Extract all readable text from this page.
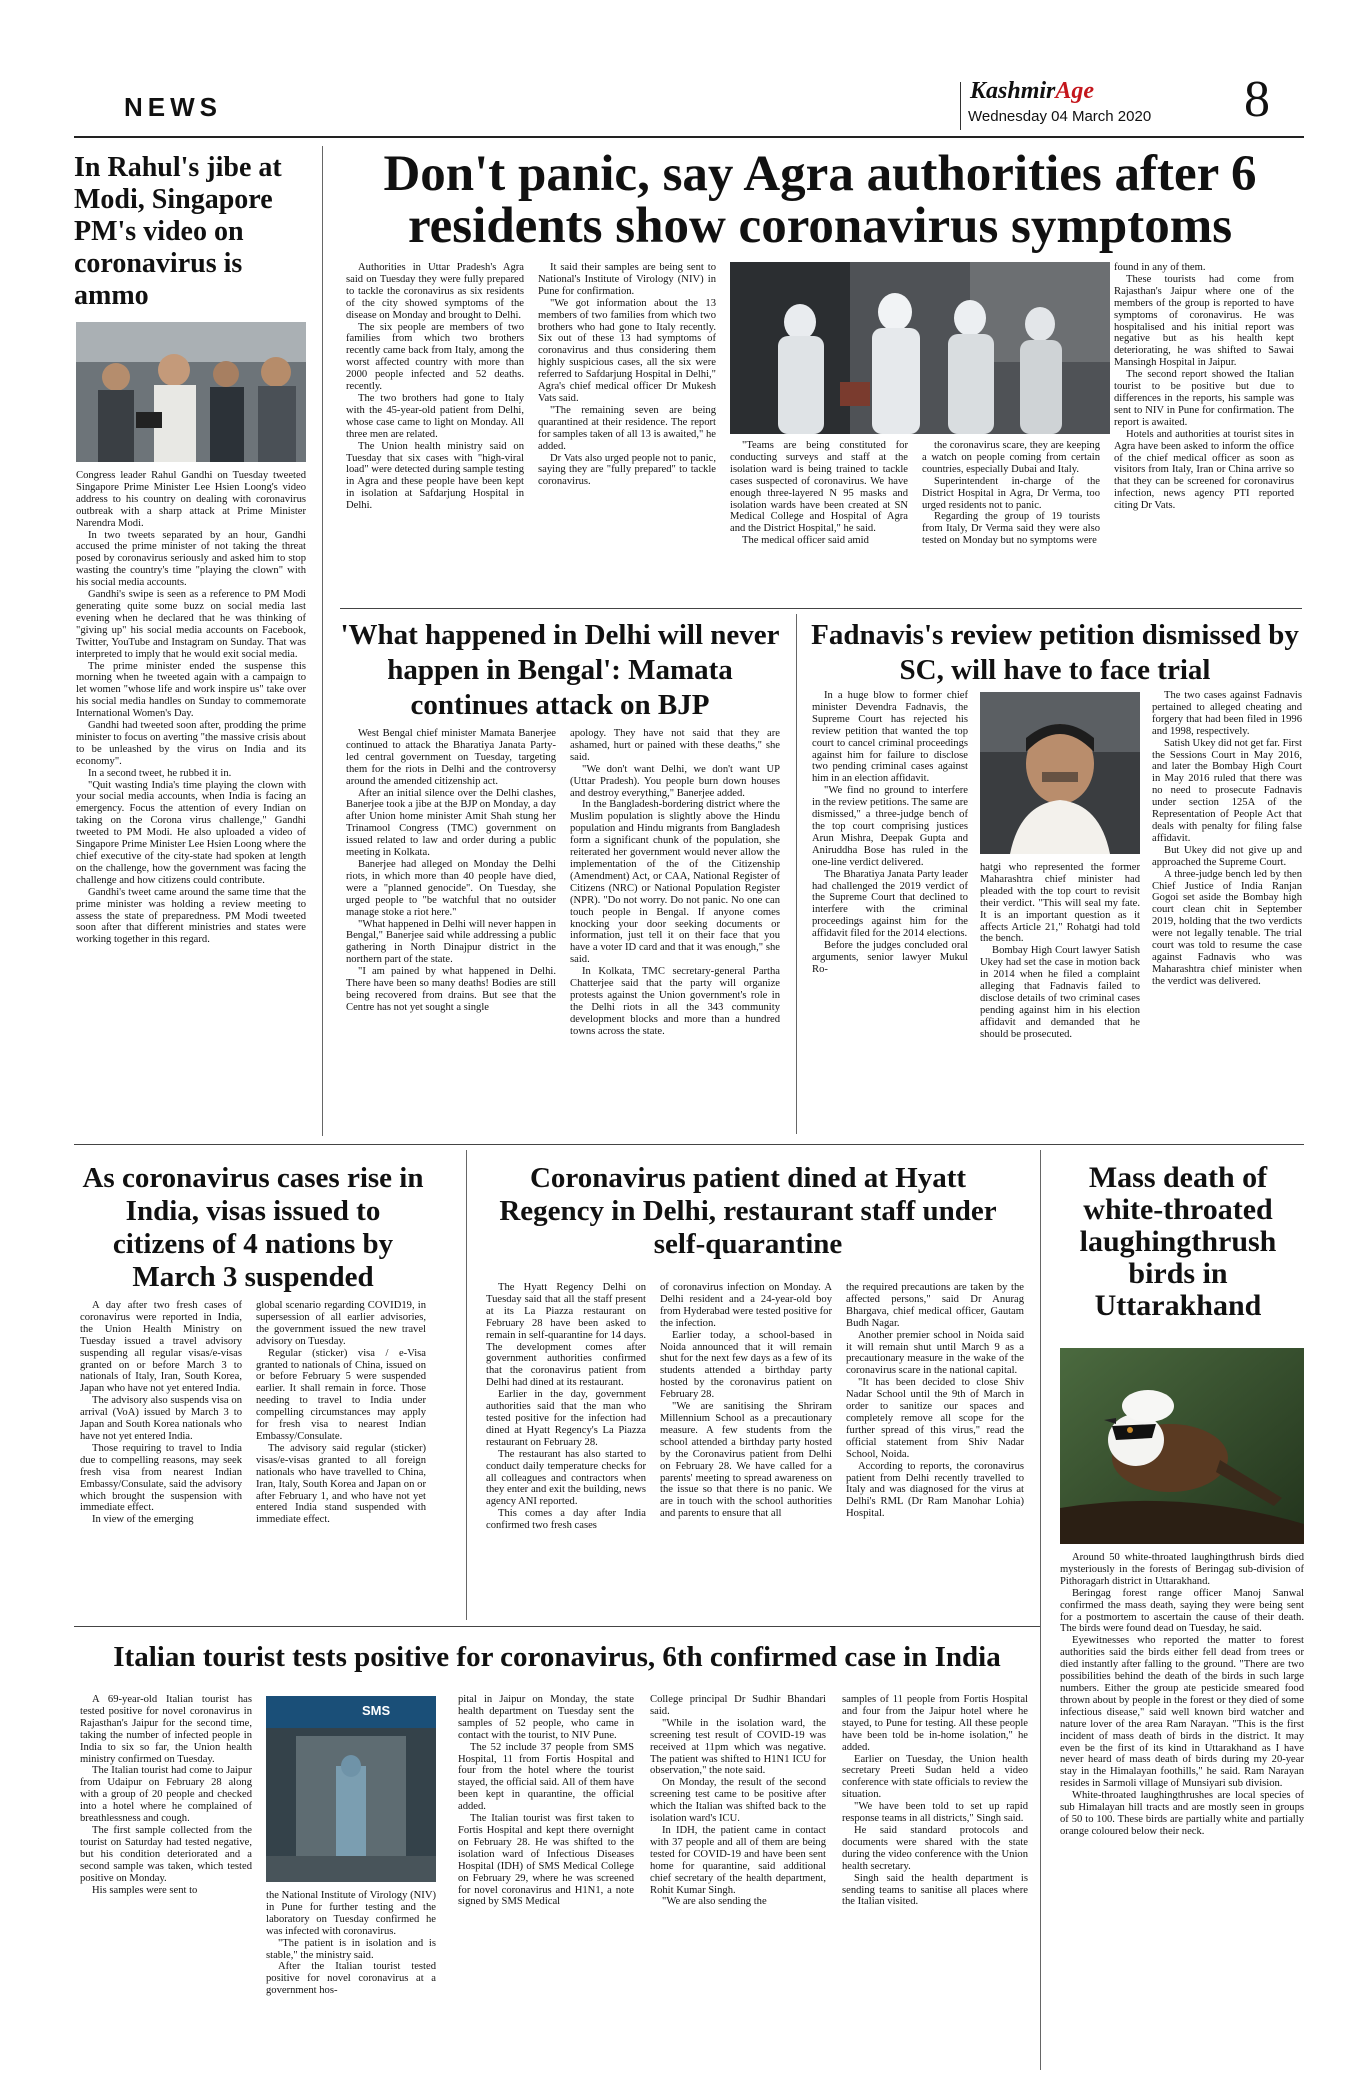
NEWS
KashmirAge
Wednesday 04 March 2020 8
In Rahul's jibe at Modi, Singapore PM's video on coronavirus is ammo

Congress leader Rahul Gandhi on Tuesday tweeted Singapore Prime Minister Lee Hsien Loong's video address to his country on dealing with coronavirus outbreak with a sharp attack at Prime Minister Narendra Modi.

In two tweets separated by an hour, Gandhi accused the prime minister of not taking the threat posed by coronavirus seriously and asked him to stop wasting the country's time "playing the clown" with his social media accounts.

Gandhi's swipe is seen as a reference to PM Modi generating quite some buzz on social media last evening when he declared that he was thinking of "giving up" his social media accounts on Facebook, Twitter, YouTube and Instagram on Sunday. That was interpreted to imply that he would exit social media.

The prime minister ended the suspense this morning when he tweeted again with a campaign to let women "whose life and work inspire us" take over his social media handles on Sunday to commemorate International Women's Day.

Gandhi had tweeted soon after, prodding the prime minister to focus on averting "the massive crisis about to be unleashed by the virus on India and its economy".

In a second tweet, he rubbed it in.

"Quit wasting India's time playing the clown with your social media accounts, when India is facing an emergency. Focus the attention of every Indian on taking on the Corona virus challenge," Gandhi tweeted to PM Modi. He also uploaded a video of Singapore Prime Minister Lee Hsien Loong where the chief executive of the city-state had spoken at length on the challenge, how the government was facing the challenge and how citizens could contribute.

Gandhi's tweet came around the same time that the prime minister was holding a review meeting to assess the state of preparedness. PM Modi tweeted soon after that different ministries and states were working together in this regard.

Don't panic, say Agra authorities after 6 residents show coronavirus symptoms

Authorities in Uttar Pradesh's Agra said on Tuesday they were fully prepared to tackle the coronavirus as six residents of the city showed symptoms of the disease on Monday and brought to Delhi.

The six people are members of two families from which two brothers recently came back from Italy, among the worst affected country with more than 2000 people infected and 52 deaths. recently.

The two brothers had gone to Italy with the 45-year-old patient from Delhi, whose case came to light on Monday. All three men are related.

The Union health ministry said on Tuesday that six cases with "high-viral load" were detected during sample testing in Agra and these people have been kept in isolation at Safdarjung Hospital in Delhi.

It said their samples are being sent to National's Institute of Virology (NIV) in Pune for confirmation.

"We got information about the 13 members of two families from which two brothers who had gone to Italy recently. Six out of these 13 had symptoms of coronavirus and thus considering them highly suspicious cases, all the six were referred to Safdarjung Hospital in Delhi," Agra's chief medical officer Dr Mukesh Vats said.

"The remaining seven are being quarantined at their residence. The report for samples taken of all 13 is awaited," he added.

Dr Vats also urged people not to panic, saying they are "fully prepared" to tackle coronavirus.

"Teams are being constituted for conducting surveys and staff at the isolation ward is being trained to tackle cases suspected of coronavirus. We have enough three-layered N 95 masks and isolation wards have been created at SN Medical College and Hospital of Agra and the District Hospital," he said.

The medical officer said amid

the coronavirus scare, they are keeping a watch on people coming from certain countries, especially Dubai and Italy.

Superintendent in-charge of the District Hospital in Agra, Dr Verma, too urged residents not to panic.

Regarding the group of 19 tourists from Italy, Dr Verma said they were also tested on Monday but no symptoms were

found in any of them.

These tourists had come from Rajasthan's Jaipur where one of the members of the group is reported to have symptoms of coronavirus. He was hospitalised and his initial report was negative but as his health kept deteriorating, he was shifted to Sawai Mansingh Hospital in Jaipur.

The second report showed the Italian tourist to be positive but due to differences in the reports, his sample was sent to NIV in Pune for confirmation. The report is awaited.

Hotels and authorities at tourist sites in Agra have been asked to inform the office of the chief medical officer as soon as visitors from Italy, Iran or China arrive so that they can be screened for coronavirus infection, news agency PTI reported citing Dr Vats.

'What happened in Delhi will never happen in Bengal': Mamata continues attack on BJP

West Bengal chief minister Mamata Banerjee continued to attack the Bharatiya Janata Party-led central government on Tuesday, targeting them for the riots in Delhi and the controversy around the amended citizenship act.

After an initial silence over the Delhi clashes, Banerjee took a jibe at the BJP on Monday, a day after Union home minister Amit Shah stung her Trinamool Congress (TMC) government on issued related to law and order during a public meeting in Kolkata.

Banerjee had alleged on Monday the Delhi riots, in which more than 40 people have died, were a "planned genocide". On Tuesday, she urged people to "be watchful that no outsider manage stoke a riot here."

"What happened in Delhi will never happen in Bengal," Banerjee said while addressing a public gathering in North Dinajpur district in the northern part of the state.

"I am pained by what happened in Delhi. There have been so many deaths! Bodies are still being recovered from drains. But see that the Centre has not yet sought a single

apology. They have not said that they are ashamed, hurt or pained with these deaths," she said.

"We don't want Delhi, we don't want UP (Uttar Pradesh). You people burn down houses and destroy everything," Banerjee added.

In the Bangladesh-bordering district where the Muslim population is slightly above the Hindu population and Hindu migrants from Bangladesh form a significant chunk of the population, she reiterated her government would never allow the implementation of the of the Citizenship (Amendment) Act, or CAA, National Register of Citizens (NRC) or National Population Register (NPR). "Do not worry. Do not panic. No one can touch people in Bengal. If anyone comes knocking your door seeking documents or information, just tell it on their face that you have a voter ID card and that it was enough," she said.

In Kolkata, TMC secretary-general Partha Chatterjee said that the party will organize protests against the Union government's role in the Delhi riots in all the 343 community development blocks and more than a hundred towns across the state.

Fadnavis's review petition dismissed by SC, will have to face trial

In a huge blow to former chief minister Devendra Fadnavis, the Supreme Court has rejected his review petition that wanted the top court to cancel criminal proceedings against him for failure to disclose two pending criminal cases against him in an election affidavit.

"We find no ground to interfere in the review petitions. The same are dismissed," a three-judge bench of the top court comprising justices Arun Mishra, Deepak Gupta and Aniruddha Bose has ruled in the one-line verdict delivered.

The Bharatiya Janata Party leader had challenged the 2019 verdict of the Supreme Court that declined to interfere with the criminal proceedings against him for the affidavit filed for the 2014 elections.

Before the judges concluded oral arguments, senior lawyer Mukul Ro-

hatgi who represented the former Maharashtra chief minister had pleaded with the top court to revisit their verdict. "This will seal my fate. It is an important question as it affects Article 21," Rohatgi had told the bench.

Bombay High Court lawyer Satish Ukey had set the case in motion back in 2014 when he filed a complaint alleging that Fadnavis failed to disclose details of two criminal cases pending against him in his election affidavit and demanded that he should be prosecuted.

The two cases against Fadnavis pertained to alleged cheating and forgery that had been filed in 1996 and 1998, respectively.

Satish Ukey did not get far. First the Sessions Court in May 2016, and later the Bombay High Court in May 2016 ruled that there was no need to prosecute Fadnavis under section 125A of the Representation of People Act that deals with penalty for filing false affidavit.

But Ukey did not give up and approached the Supreme Court.

A three-judge bench led by then Chief Justice of India Ranjan Gogoi set aside the Bombay high court clean chit in September 2019, holding that the two verdicts were not legally tenable. The trial court was told to resume the case against Fadnavis who was Maharashtra chief minister when the verdict was delivered.

As coronavirus cases rise in India, visas issued to citizens of 4 nations by March 3 suspended

A day after two fresh cases of coronavirus were reported in India, the Union Health Ministry on Tuesday issued a travel advisory suspending all regular visas/e-visas granted on or before March 3 to nationals of Italy, Iran, South Korea, Japan who have not yet entered India.

The advisory also suspends visa on arrival (VoA) issued by March 3 to Japan and South Korea nationals who have not yet entered India.

Those requiring to travel to India due to compelling reasons, may seek fresh visa from nearest Indian Embassy/Consulate, said the advisory which brought the suspension with immediate effect.

In view of the emerging

global scenario regarding COVID19, in supersession of all earlier advisories, the government issued the new travel advisory on Tuesday.

Regular (sticker) visa / e-Visa granted to nationals of China, issued on or before February 5 were suspended earlier. It shall remain in force. Those needing to travel to India under compelling circumstances may apply for fresh visa to nearest Indian Embassy/Consulate.

The advisory said regular (sticker) visas/e-visas granted to all foreign nationals who have travelled to China, Iran, Italy, South Korea and Japan on or after February 1, and who have not yet entered India stand suspended with immediate effect.

Coronavirus patient dined at Hyatt Regency in Delhi, restaurant staff under self-quarantine

The Hyatt Regency Delhi on Tuesday said that all the staff present at its La Piazza restaurant on February 28 have been asked to remain in self-quarantine for 14 days. The development comes after government authorities confirmed that the coronavirus patient from Delhi had dined at its restaurant.

Earlier in the day, government authorities said that the man who tested positive for the infection had dined at Hyatt Regency's La Piazza restaurant on February 28.

The restaurant has also started to conduct daily temperature checks for all colleagues and contractors when they enter and exit the building, news agency ANI reported.

This comes a day after India confirmed two fresh cases

of coronavirus infection on Monday. A Delhi resident and a 24-year-old boy from Hyderabad were tested positive for the infection.

Earlier today, a school-based in Noida announced that it will remain shut for the next few days as a few of its students attended a birthday party hosted by the coronavirus patient on February 28.

"We are sanitising the Shriram Millennium School as a precautionary measure. A few students from the school attended a birthday party hosted by the Coronavirus patient from Delhi on February 28. We have called for a parents' meeting to spread awareness on the issue so that there is no panic. We are in touch with the school authorities and parents to ensure that all

the required precautions are taken by the affected persons," said Dr Anurag Bhargava, chief medical officer, Gautam Budh Nagar.

Another premier school in Noida said it will remain shut until March 9 as a precautionary measure in the wake of the coronavirus scare in the national capital.

"It has been decided to close Shiv Nadar School until the 9th of March in order to sanitize our spaces and completely remove all scope for the further spread of this virus," read the official statement from Shiv Nadar School, Noida.

According to reports, the coronavirus patient from Delhi recently travelled to Italy and was diagnosed for the virus at Delhi's RML (Dr Ram Manohar Lohia) Hospital.

Mass death of white-throated laughingthrush birds in Uttarakhand

Around 50 white-throated laughingthrush birds died mysteriously in the forests of Beringag sub-division of Pithoragarh district in Uttarakhand.

Beringag forest range officer Manoj Sanwal confirmed the mass death, saying they were being sent for a postmortem to ascertain the cause of their death. The birds were found dead on Tuesday, he said.

Eyewitnesses who reported the matter to forest authorities said the birds either fell dead from trees or died instantly after falling to the ground. "There are two possibilities behind the death of the birds in such large numbers. Either the group ate pesticide smeared food thrown about by people in the forest or they died of some infectious disease," said well known bird watcher and nature lover of the area Ram Narayan. "This is the first incident of mass death of birds in the district. It may even be the first of its kind in Uttarakhand as I have never heard of mass death of birds during my 20-year stay in the Himalayan foothills," he said. Ram Narayan resides in Sarmoli village of Munsiyari sub division.

White-throated laughingthrushes are local species of sub Himalayan hill tracts and are mostly seen in groups of 50 to 100. These birds are partially white and partially orange coloured below their neck.

Italian tourist tests positive for coronavirus, 6th confirmed case in India

A 69-year-old Italian tourist has tested positive for novel coronavirus in Rajasthan's Jaipur for the second time, taking the number of infected people in India to six so far, the Union health ministry confirmed on Tuesday.

The Italian tourist had come to Jaipur from Udaipur on February 28 along with a group of 20 people and checked into a hotel where he complained of breathlessness and cough.

The first sample collected from the tourist on Saturday had tested negative, but his condition deteriorated and a second sample was taken, which tested positive on Monday.

His samples were sent to

SMS

the National Institute of Virology (NIV) in Pune for further testing and the laboratory on Tuesday confirmed he was infected with coronavirus.

"The patient is in isolation and is stable," the ministry said.

After the Italian tourist tested positive for novel coronavirus at a government hos-

pital in Jaipur on Monday, the state health department on Tuesday sent the samples of 52 people, who came in contact with the tourist, to NIV Pune.

The 52 include 37 people from SMS Hospital, 11 from Fortis Hospital and four from the hotel where the tourist stayed, the official said. All of them have been kept in quarantine, the official added.

The Italian tourist was first taken to Fortis Hospital and kept there overnight on February 28. He was shifted to the isolation ward of Infectious Diseases Hospital (IDH) of SMS Medical College on February 29, where he was screened for novel coronavirus and H1N1, a note signed by SMS Medical

College principal Dr Sudhir Bhandari said.

"While in the isolation ward, the screening test result of COVID-19 was received at 11pm which was negative. The patient was shifted to H1N1 ICU for observation," the note said.

On Monday, the result of the second screening test came to be positive after which the Italian was shifted back to the isolation ward's ICU.

In IDH, the patient came in contact with 37 people and all of them are being tested for COVID-19 and have been sent home for quarantine, said additional chief secretary of the health department, Rohit Kumar Singh.

"We are also sending the

samples of 11 people from Fortis Hospital and four from the Jaipur hotel where he stayed, to Pune for testing. All these people have been told be in-home isolation," he added.

Earlier on Tuesday, the Union health secretary Preeti Sudan held a video conference with state officials to review the situation.

"We have been told to set up rapid response teams in all districts," Singh said.

He said standard protocols and documents were shared with the state during the video conference with the Union health secretary.

Singh said the health department is sending teams to sanitise all places where the Italian visited.
